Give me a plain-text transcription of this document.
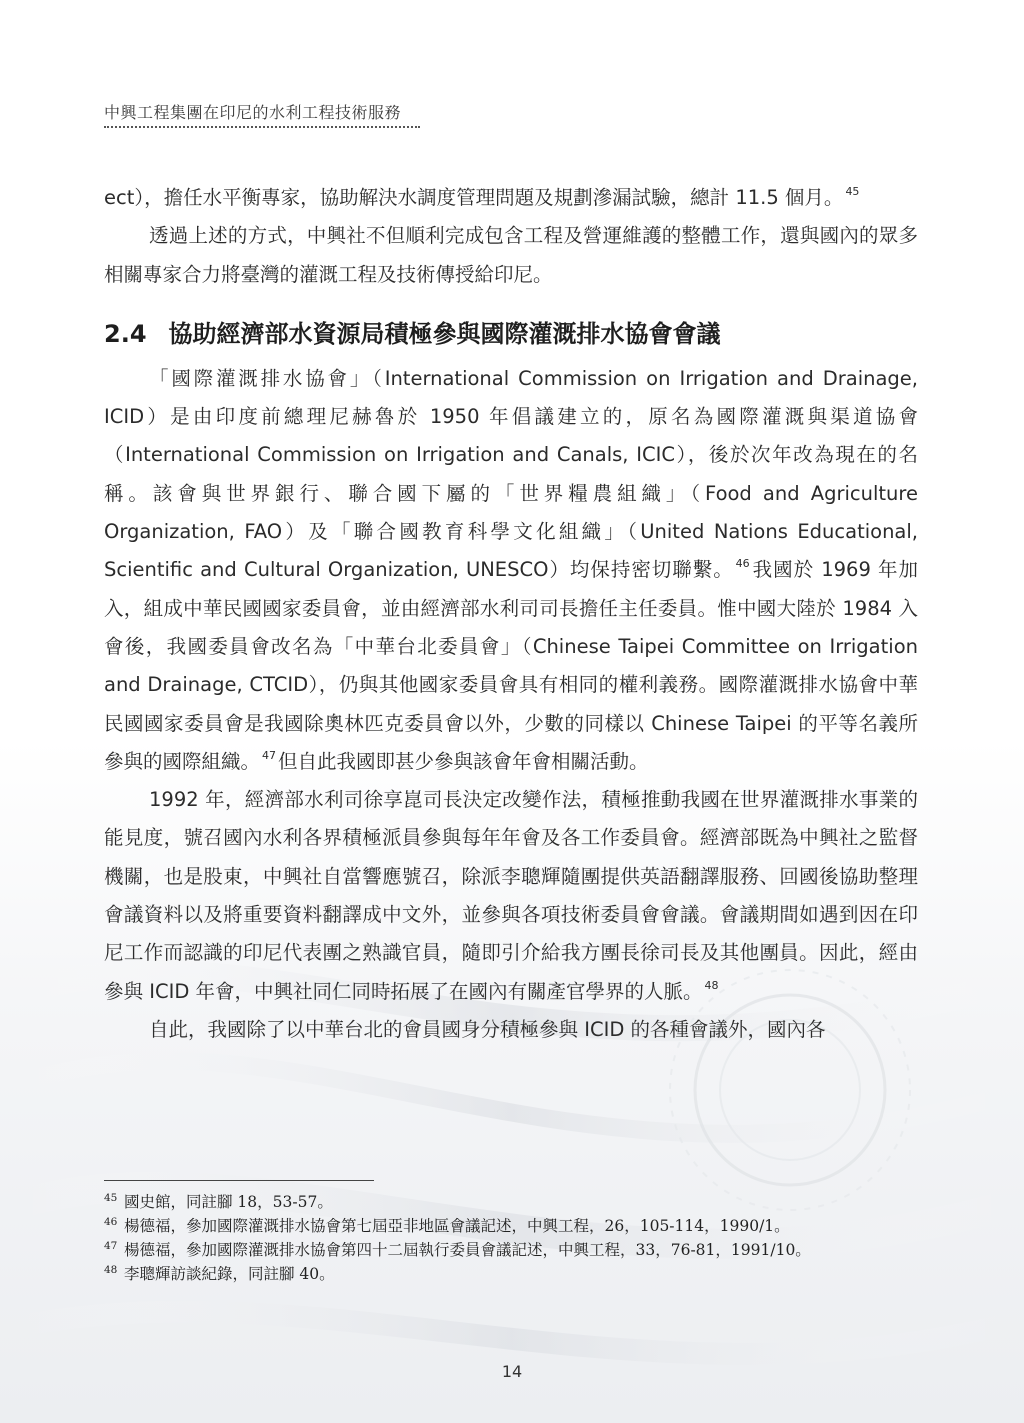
中興工程集團在印尼的水利工程技術服務

ect），擔任水平衡專家，協助解決水調度管理問題及規劃滲漏試驗，總計 11.5 個月。 $^{45}$

透過上述的方式，中興社不但順利完成包含工程及營運維護的整體工作，還與國內的眾多相關專家合力將臺灣的灌溉工程及技術傳授給印尼。

2.4 協助經濟部水資源局積極參與國際灌溉排水協會會議

「國際灌溉排水協會」（International Commission on Irrigation and Drainage, ICID）是由印度前總理尼赫魯於 1950 年倡議建立的，原名為國際灌溉與渠道協會（International Commission on Irrigation and Canals, ICIC），後於次年改為現在的名稱。該會與世界銀行、聯合國下屬的「世界糧農組織」（Food and Agriculture Organization, FAO）及「聯合國教育科學文化組織」（United Nations Educational, Scientific and Cultural Organization, UNESCO）均保持密切聯繫。 $^{46}$ 我國於 1969 年加入，組成中華民國國家委員會，並由經濟部水利司司長擔任主任委員。惟中國大陸於 1984 入會後，我國委員會改名為「中華台北委員會」（Chinese Taipei Committee on Irrigation and Drainage, CTCID），仍與其他國家委員會具有相同的權利義務。國際灌溉排水協會中華民國國家委員會是我國除奧林匹克委員會以外，少數的同樣以 Chinese Taipei 的平等名義所參與的國際組織。 $^{47}$ 但自此我國即甚少參與該會年會相關活動。

1992 年，經濟部水利司徐享崑司長決定改變作法，積極推動我國在世界灌溉排水事業的能見度，號召國內水利各界積極派員參與每年年會及各工作委員會。經濟部既為中興社之監督機關，也是股東，中興社自當響應號召，除派李聰輝隨團提供英語翻譯服務、回國後協助整理會議資料以及將重要資料翻譯成中文外，並參與各項技術委員會會議。會議期間如遇到因在印尼工作而認識的印尼代表團之熟識官員，隨即引介給我方團長徐司長及其他團員。因此，經由參與 ICID 年會，中興社同仁同時拓展了在國內有關產官學界的人脈。 $^{48}$

自此，我國除了以中華台北的會員國身分積極參與 ICID 的各種會議外，國內各

45 國史館，同註腳 18，53-57。
46 楊德福，參加國際灌溉排水協會第七屆亞非地區會議記述，中興工程，26，105-114，1990/1。
47 楊德福，參加國際灌溉排水協會第四十二屆執行委員會議記述，中興工程，33，76-81，1991/10。
48 李聰輝訪談紀錄，同註腳 40。
14
